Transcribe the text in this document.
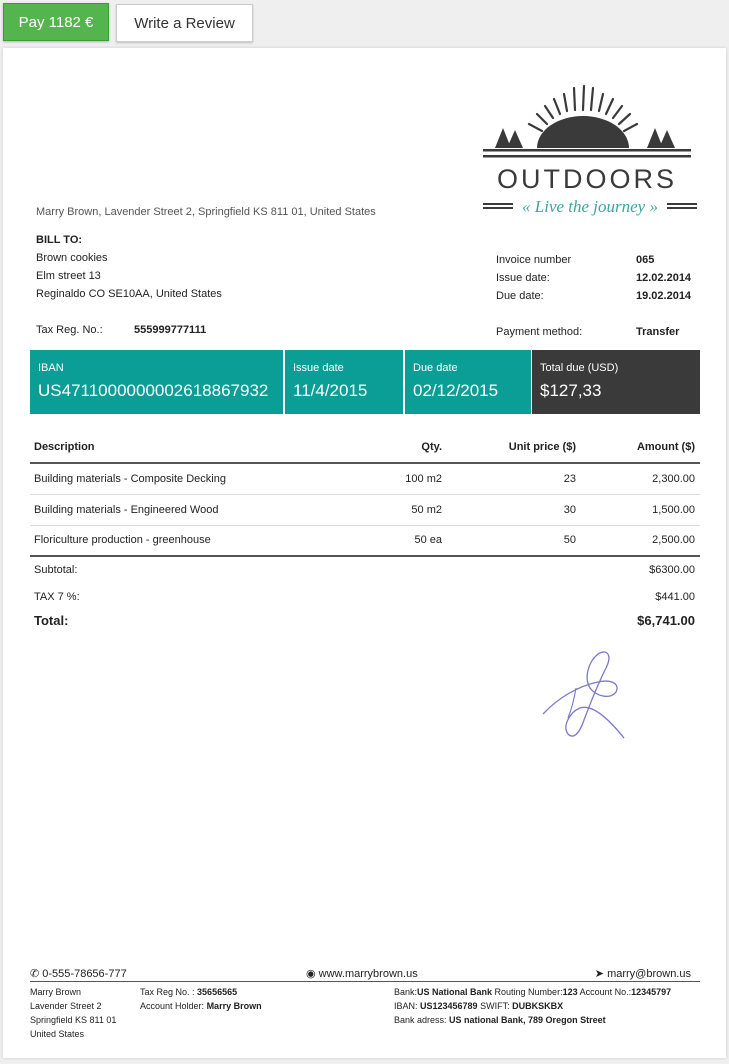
Pay 1182 €	Write a Review
OUTDOORS
« Live the journey »
Marry Brown, Lavender Street 2, Springfield KS 811 01, United States
BILL TO:
Brown cookies
Elm street 13
Reginaldo CO SE10AA, United States
Invoice number	065
Issue date:	12.02.2014
Due date:	19.02.2014
Tax Reg. No.:	555999777111	Payment method:	Transfer
IBAN
US4711000000002618867932
Issue date
11/4/2015
Due date
02/12/2015
Total due (USD)
$127,33
Description	Qty.	Unit price ($)	Amount ($)
Building materials - Composite Decking	100 m2	23	2,300.00
Building materials - Engineered Wood	50 m2	30	1,500.00
Floriculture production - greenhouse	50 ea	50	2,500.00
Subtotal:	$6300.00
TAX 7 %:	$441.00
Total:	$6,741.00
✆ 0-555-78656-777	◉ www.marrybrown.us	➤ marry@brown.us
Marry Brown
Lavender Street 2
Springfield KS 811 01
United States
Tax Reg No. : 35656565
Account Holder: Marry Brown
Bank:US National Bank Routing Number:123 Account No.:12345797
IBAN: US123456789 SWIFT: DUBKSKBX
Bank adress: US national Bank, 789 Oregon Street
